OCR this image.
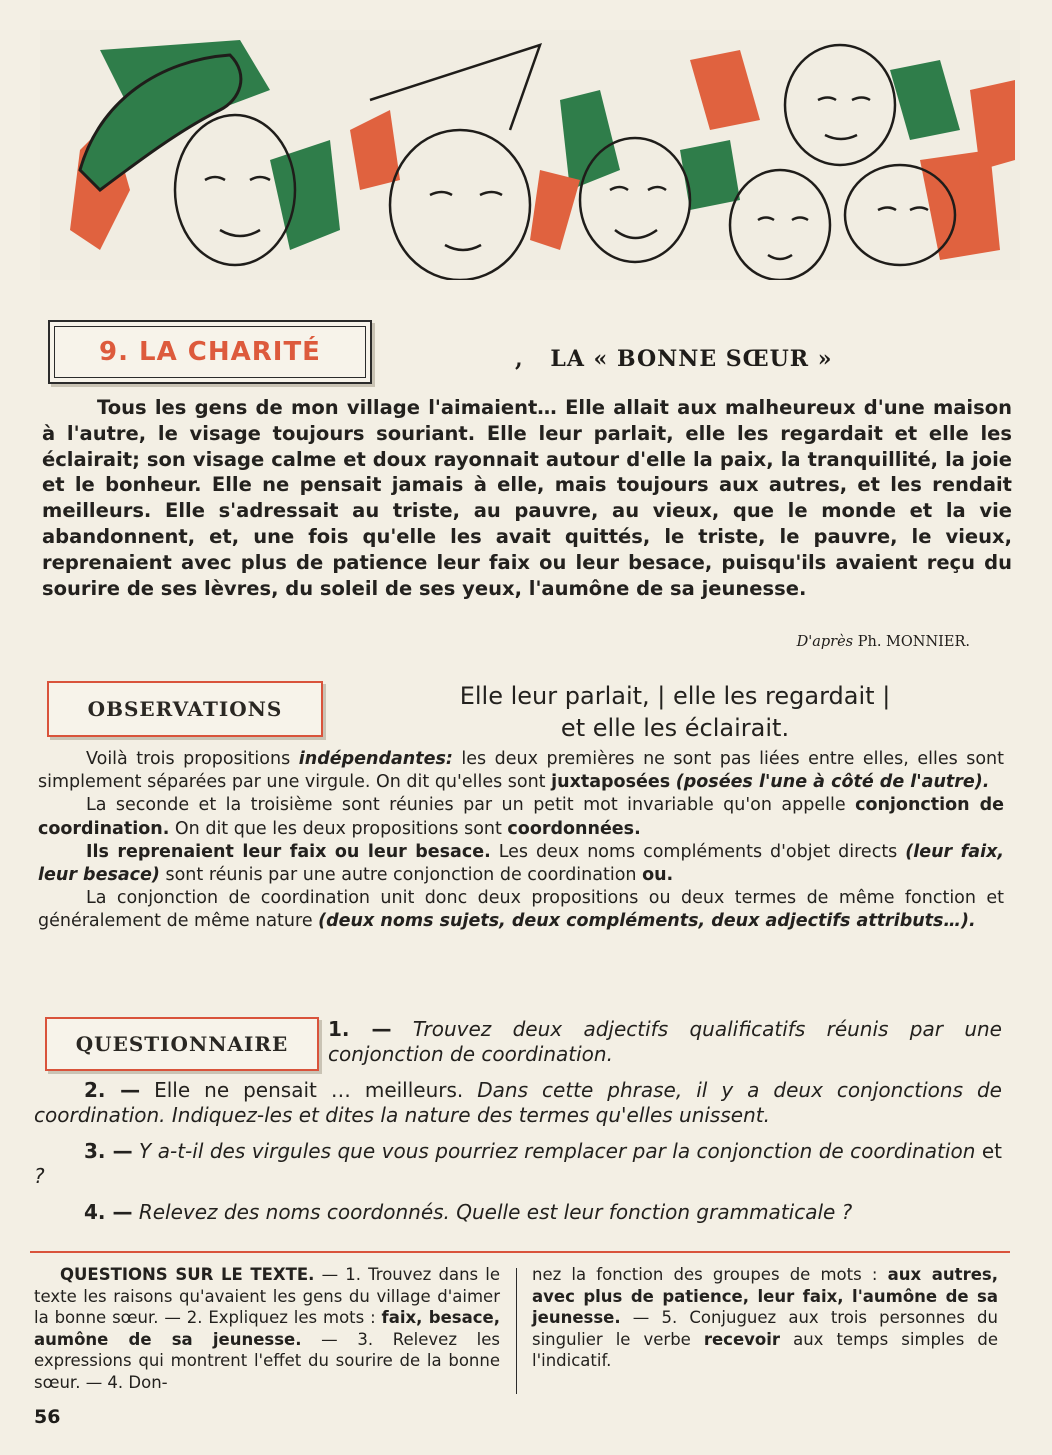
9. LA CHARITÉ	, LA « BONNE SŒUR »
Tous les gens de mon village l'aimaient… Elle allait aux malheureux d'une maison à l'autre, le visage toujours souriant. Elle leur parlait, elle les regardait et elle les éclairait; son visage calme et doux rayonnait autour d'elle la paix, la tranquillité, la joie et le bonheur. Elle ne pensait jamais à elle, mais toujours aux autres, et les rendait meilleurs. Elle s'adressait au triste, au pauvre, au vieux, que le monde et la vie abandonnent, et, une fois qu'elle les avait quittés, le triste, le pauvre, le vieux, reprenaient avec plus de patience leur faix ou leur besace, puisqu'ils avaient reçu du sourire de ses lèvres, du soleil de ses yeux, l'aumône de sa jeunesse.
D'après Ph. MONNIER.
OBSERVATIONS	Elle leur parlait, | elle les regardait |
et elle les éclairait.

Voilà trois propositions indépendantes: les deux premières ne sont pas liées entre elles, elles sont simplement séparées par une virgule. On dit qu'elles sont juxtaposées (posées l'une à côté de l'autre).

La seconde et la troisième sont réunies par un petit mot invariable qu'on appelle conjonction de coordination. On dit que les deux propositions sont coordonnées.

Ils reprenaient leur faix ou leur besace. Les deux noms compléments d'objet directs (leur faix, leur besace) sont réunis par une autre conjonction de coordination ou.

La conjonction de coordination unit donc deux propositions ou deux termes de même fonction et généralement de même nature (deux noms sujets, deux compléments, deux adjectifs attributs…).

QUESTIONNAIRE

1. — Trouvez deux adjectifs qualificatifs réunis par une conjonction de coordination.

2. — Elle ne pensait … meilleurs. Dans cette phrase, il y a deux conjonctions de coordination. Indiquez-les et dites la nature des termes qu'elles unissent.

3. — Y a-t-il des virgules que vous pourriez remplacer par la conjonction de coordination et ?

4. — Relevez des noms coordonnés. Quelle est leur fonction grammaticale ?

QUESTIONS SUR LE TEXTE. — 1. Trouvez dans le texte les raisons qu'avaient les gens du village d'aimer la bonne sœur. — 2. Expliquez les mots : faix, besace, aumône de sa jeunesse. — 3. Relevez les expressions qui montrent l'effet du sourire de la bonne sœur. — 4. Don-
nez la fonction des groupes de mots : aux autres, avec plus de patience, leur faix, l'aumône de sa jeunesse. — 5. Conjuguez aux trois personnes du singulier le verbe recevoir aux temps simples de l'indicatif.
56
